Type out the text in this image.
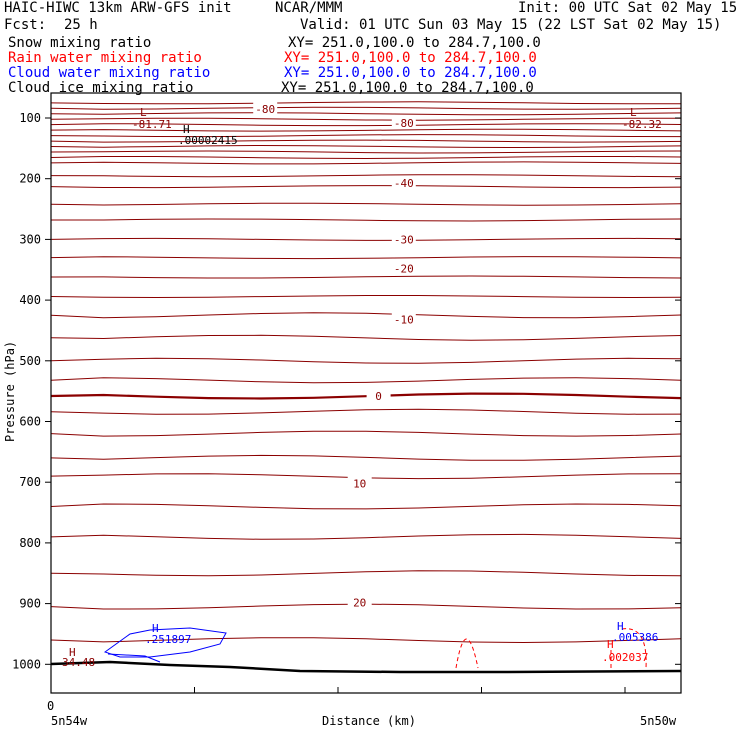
HAIC-HIWC 13km ARW-GFS init	NCAR/MMM	Init: 00 UTC Sat 02 May 15
Fcst: 25 h	Valid: 01 UTC Sun 03 May 15 (22 LST Sat 02 May 15)
Snow mixing ratio	XY= 251.0,100.0 to 284.7,100.0
Rain water mixing ratio	XY= 251.0,100.0 to 284.7,100.0
Cloud water mixing ratio	XY= 251.0,100.0 to 284.7,100.0
Cloud ice mixing ratio	XY= 251.0,100.0 to 284.7,100.0
-80
-80
-40
-30
-20
-10
0
10
20
L
-81.71
L
-82.32
H
.00002415
H
.251897
H
34.48
H
.005386
H
.002037
100
200
300
400
500
600
700
800
900
1000
Distance (km)
Pressure (hPa)
5n54w	5n50w
0
